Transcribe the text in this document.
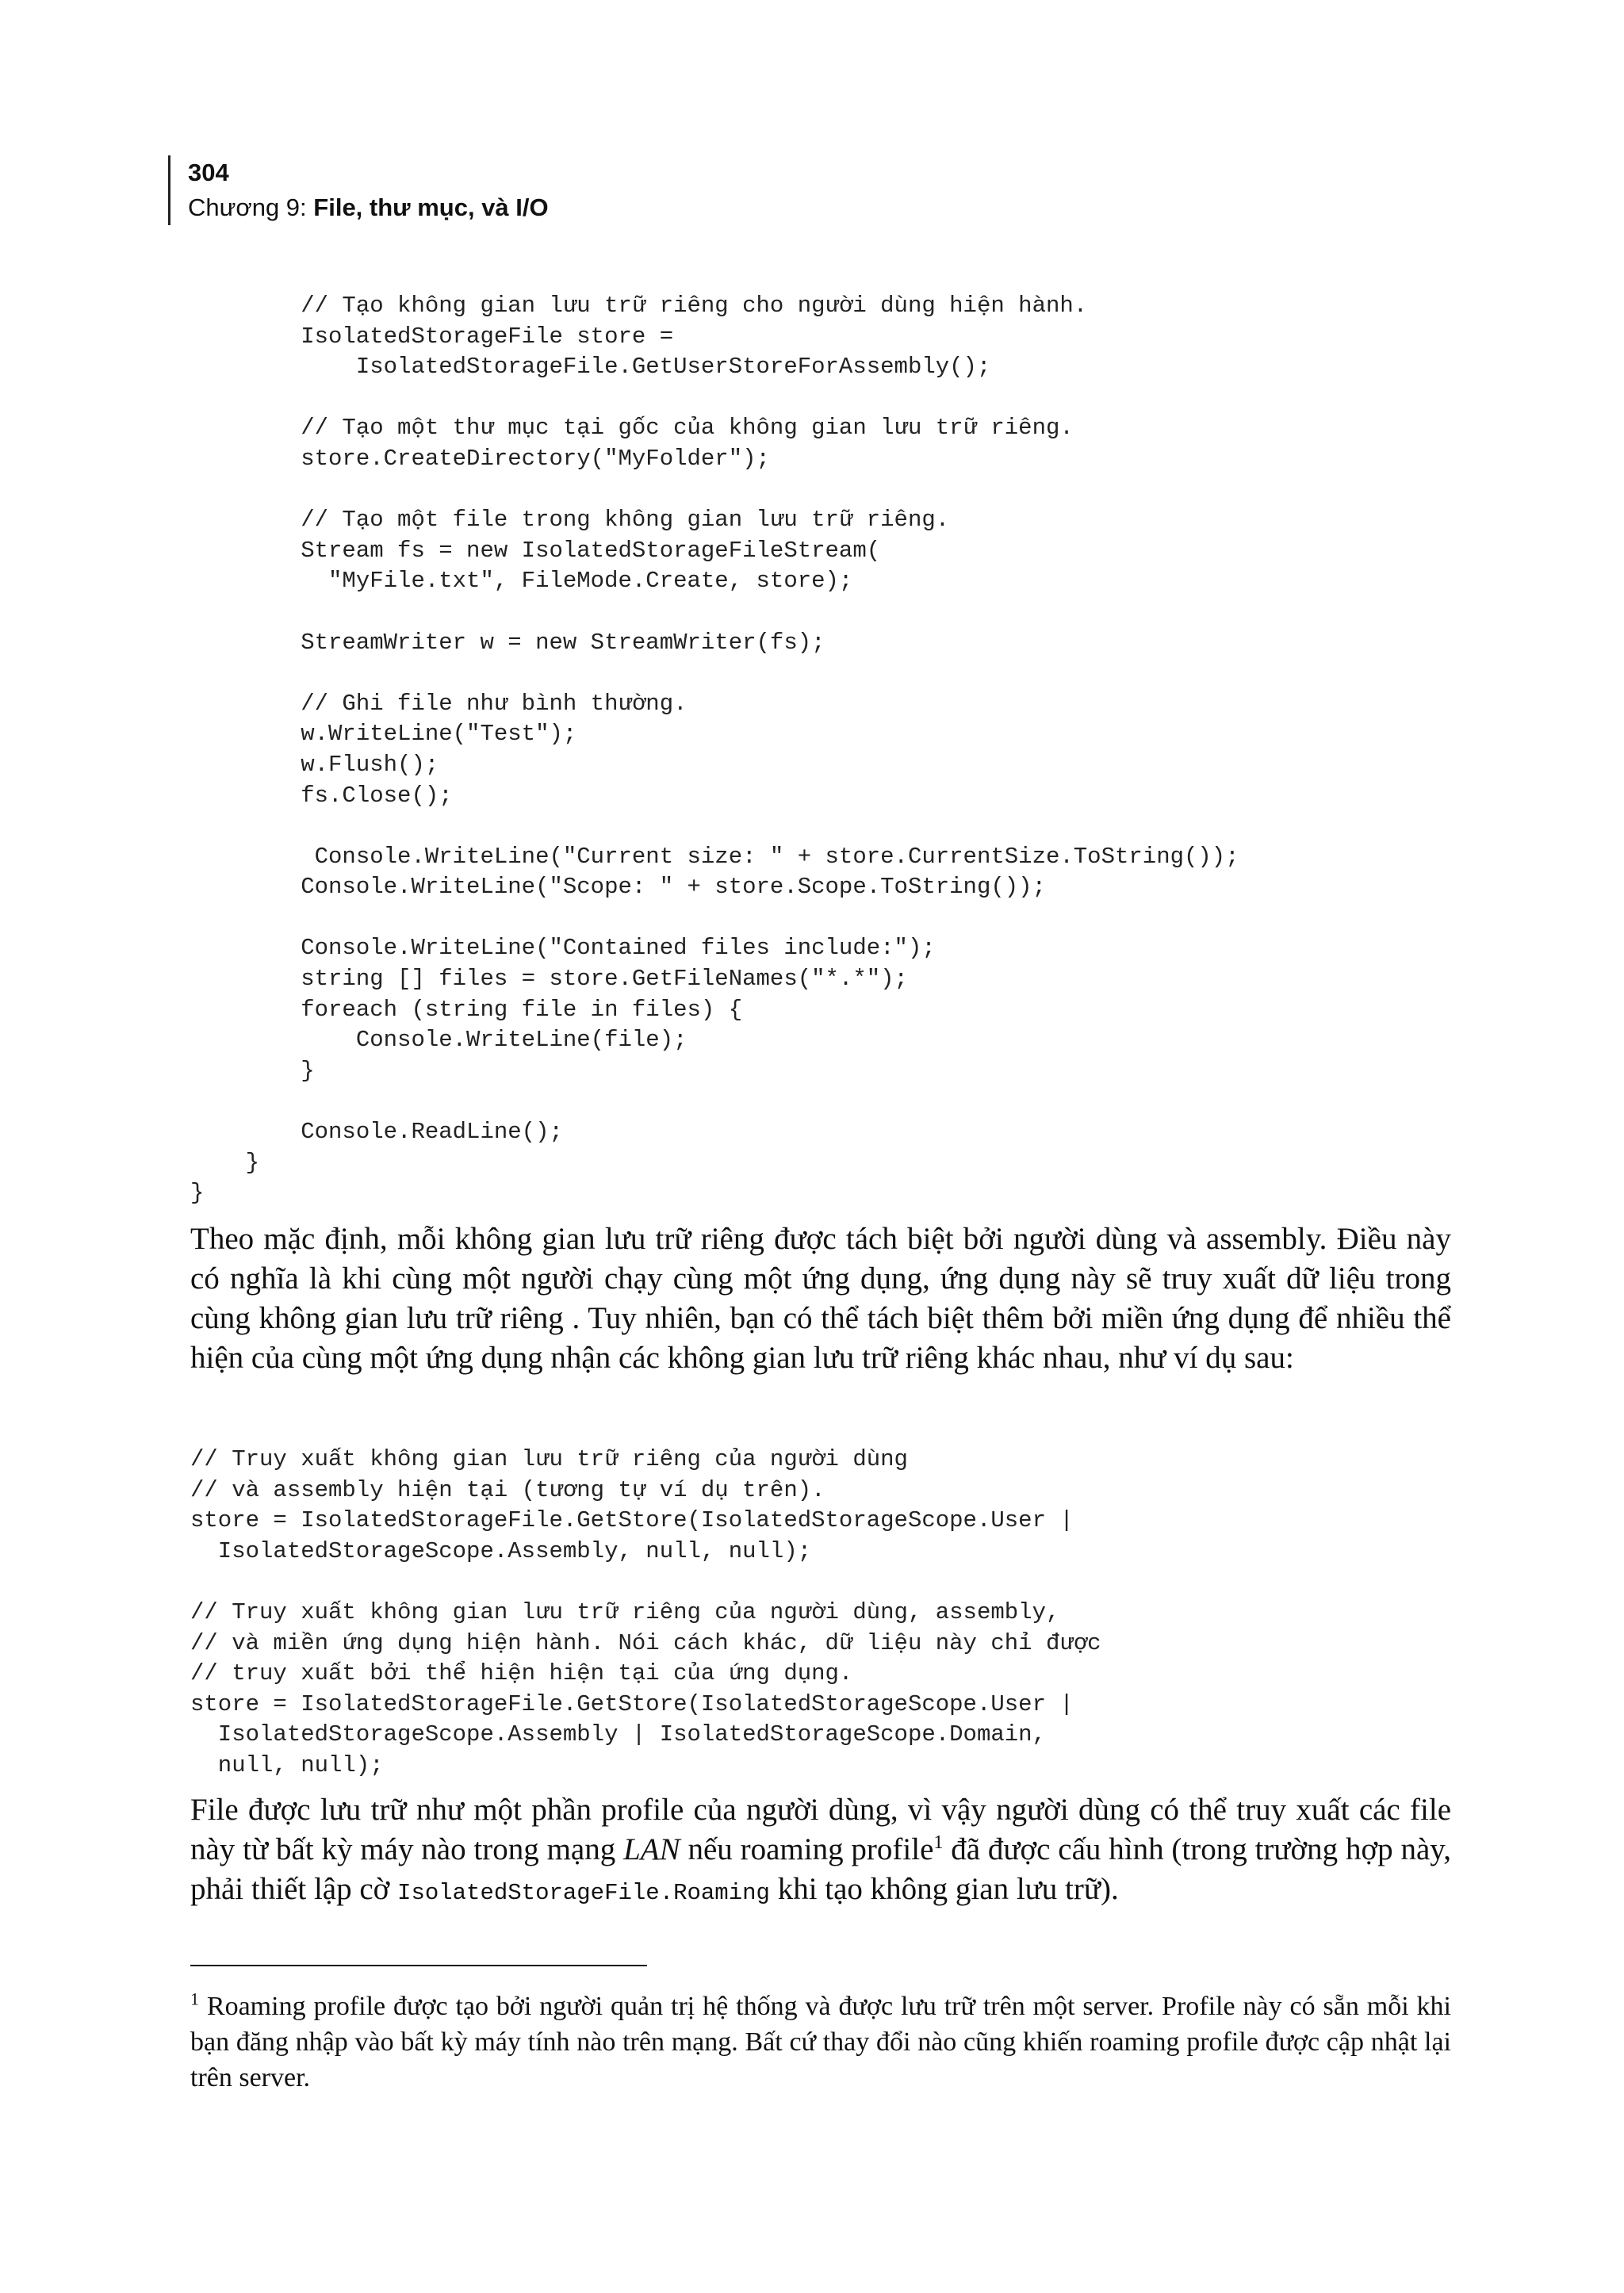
304
Chương 9: File, thư mục, và I/O
// Tạo không gian lưu trữ riêng cho người dùng hiện hành.
IsolatedStorageFile store =
IsolatedStorageFile.GetUserStoreForAssembly();

// Tạo một thư mục tại gốc của không gian lưu trữ riêng.
store.CreateDirectory("MyFolder");

// Tạo một file trong không gian lưu trữ riêng.
Stream fs = new IsolatedStorageFileStream(
"MyFile.txt", FileMode.Create, store);

StreamWriter w = new StreamWriter(fs);

// Ghi file như bình thường.
w.WriteLine("Test");
w.Flush();
fs.Close();

Console.WriteLine("Current size: " + store.CurrentSize.ToString());
Console.WriteLine("Scope: " + store.Scope.ToString());

Console.WriteLine("Contained files include:");
string [] files = store.GetFileNames("*.*");
foreach (string file in files) {
Console.WriteLine(file);
}

Console.ReadLine();
}
}

Theo mặc định, mỗi không gian lưu trữ riêng được tách biệt bởi người dùng và assembly. Điều này có nghĩa là khi cùng một người chạy cùng một ứng dụng, ứng dụng này sẽ truy xuất dữ liệu trong cùng không gian lưu trữ riêng . Tuy nhiên, bạn có thể tách biệt thêm bởi miền ứng dụng để nhiều thể hiện của cùng một ứng dụng nhận các không gian lưu trữ riêng khác nhau, như ví dụ sau:

// Truy xuất không gian lưu trữ riêng của người dùng
// và assembly hiện tại (tương tự ví dụ trên).
store = IsolatedStorageFile.GetStore(IsolatedStorageScope.User |
IsolatedStorageScope.Assembly, null, null);

// Truy xuất không gian lưu trữ riêng của người dùng, assembly,
// và miền ứng dụng hiện hành. Nói cách khác, dữ liệu này chỉ được
// truy xuất bởi thể hiện hiện tại của ứng dụng.
store = IsolatedStorageFile.GetStore(IsolatedStorageScope.User |
IsolatedStorageScope.Assembly | IsolatedStorageScope.Domain,
null, null);

File được lưu trữ như một phần profile của người dùng, vì vậy người dùng có thể truy xuất các file này từ bất kỳ máy nào trong mạng LAN nếu roaming profile$^1$ đã được cấu hình (trong trường hợp này, phải thiết lập cờ IsolatedStorageFile.Roaming khi tạo không gian lưu trữ).

$^1$ Roaming profile được tạo bởi người quản trị hệ thống và được lưu trữ trên một server. Profile này có sẵn mỗi khi bạn đăng nhập vào bất kỳ máy tính nào trên mạng. Bất cứ thay đổi nào cũng khiến roaming profile được cập nhật lại trên server.
